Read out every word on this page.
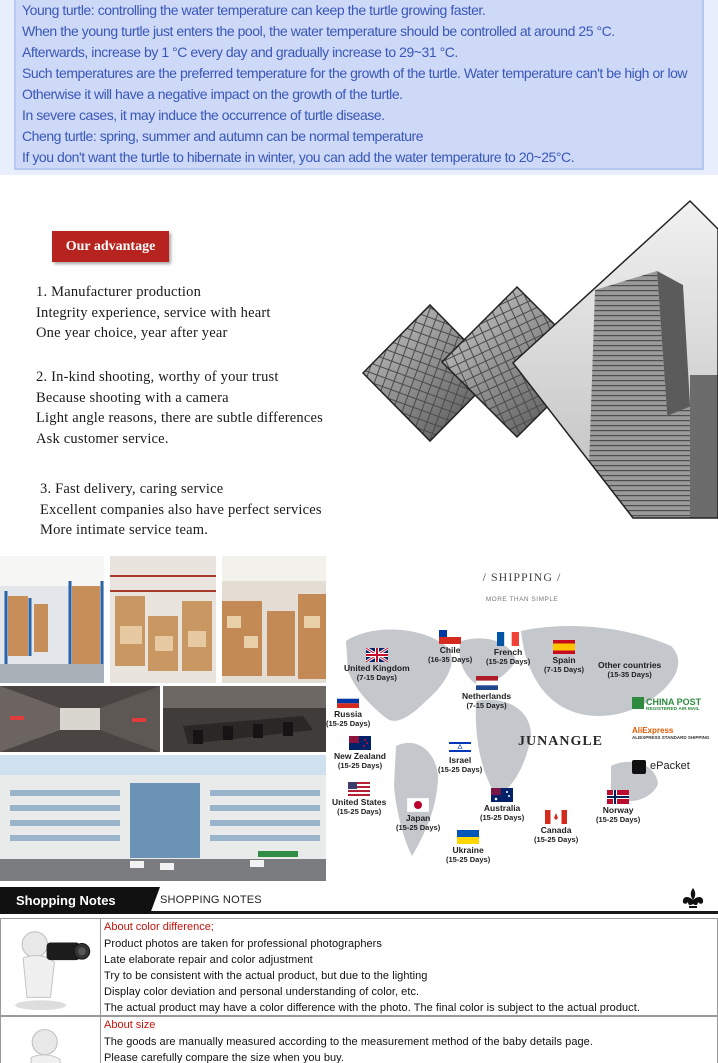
Young turtle: controlling the water temperature can keep the turtle growing faster.
When the young turtle just enters the pool, the water temperature should be controlled at around 25 °C.
Afterwards, increase by 1 °C every day and gradually increase to 29~31 °C.
Such temperatures are the preferred temperature for the growth of the turtle. Water temperature can't be high or low
Otherwise it will have a negative impact on the growth of the turtle.
In severe cases, it may induce the occurrence of turtle disease.
Cheng turtle: spring, summer and autumn can be normal temperature
If you don't want the turtle to hibernate in winter, you can add the water temperature to 20~25°C.
Our advantage
1. Manufacturer production
Integrity experience, service with heart
One year choice, year after year
2. In-kind shooting, worthy of your trust
Because shooting with a camera
Light angle reasons, there are subtle differences
Ask customer service.
3. Fast delivery, caring service
Excellent companies also have perfect services
More intimate service team.
/ SHIPPING /
MORE THAN SIMPLE
Chile
(16-35 Days)
French
(15-25 Days)	Spain
(7-15 Days) Other countries
(15-35 Days)
United Kingdom
(7-15 Days)
Netherlands
(7-15 Days)
Russia
(15-25 Days)
New Zealand
(15-25 Days)
Israel
(15-25 Days)
United States
(15-25 Days)
Japan
(15-25 Days)
Australia
(15-25 Days)
Canada
(15-25 Days)
Norway
(15-25 Days)
Ukraine
(15-25 Days)
JUNANGLE
CHINA POST
REGISTERED AIR MAIL
AliExpress
ALIEXPRESS STANDARD SHIPPING
ePacket
Shopping Notes	SHOPPING NOTES
About color difference;
Product photos are taken for professional photographers
Late elaborate repair and color adjustment
Try to be consistent with the actual product, but due to the lighting
Display color deviation and personal understanding of color, etc.
The actual product may have a color difference with the photo. The final color is subject to the actual product.
About size
The goods are manually measured according to the measurement method of the baby details page.
Please carefully compare the size when you buy.
